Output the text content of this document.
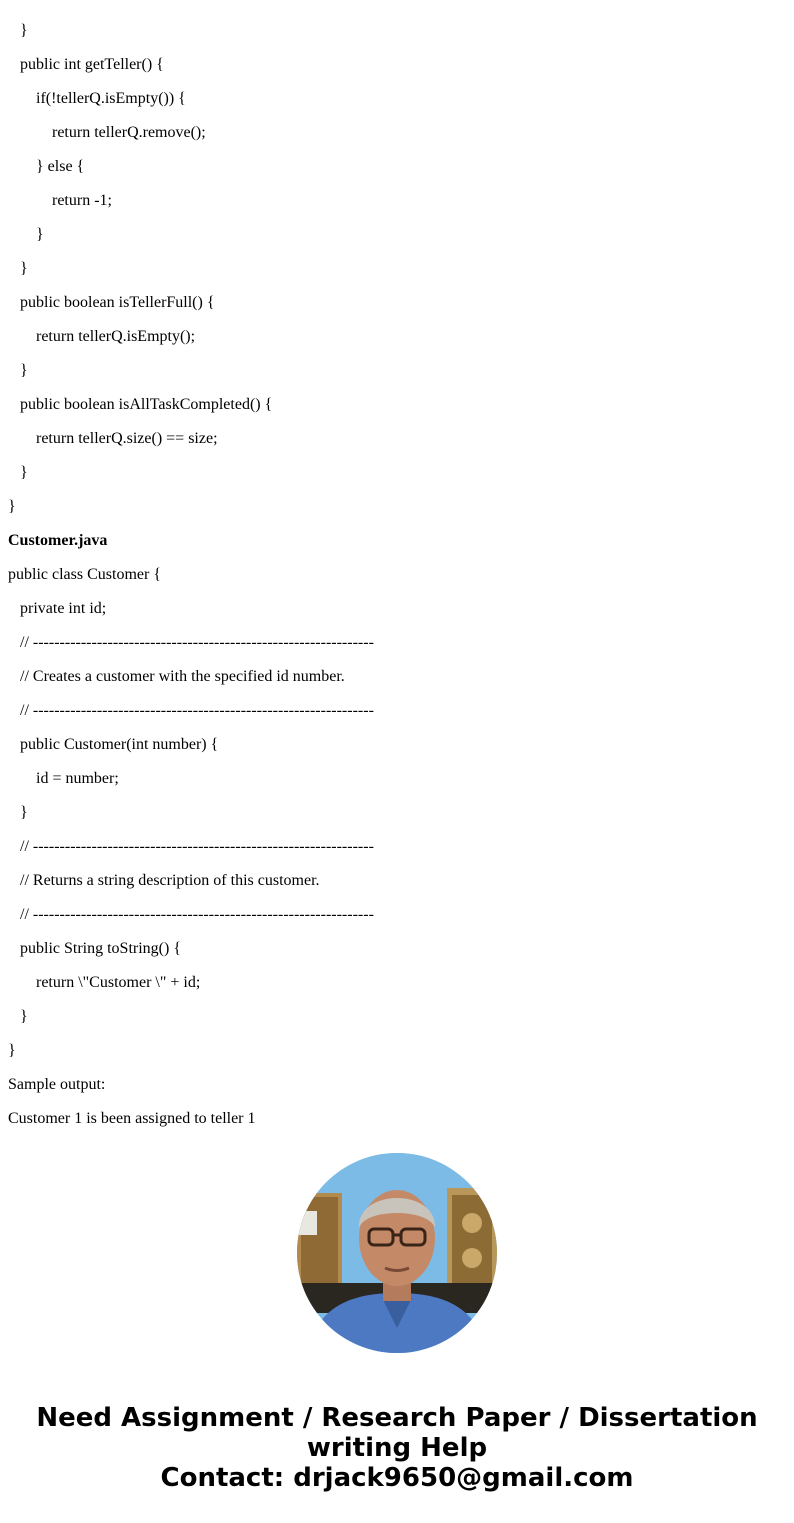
}

public int getTeller() {

if(!tellerQ.isEmpty()) {

return tellerQ.remove();

} else {

return -1;

}

}

public boolean isTellerFull() {

return tellerQ.isEmpty();

}

public boolean isAllTaskCompleted() {

return tellerQ.size() == size;

}

}

Customer.java

public class Customer {

private int id;

// ----------------------------------------------------------------

// Creates a customer with the specified id number.

// ----------------------------------------------------------------

public Customer(int number) {

id = number;

}

// ----------------------------------------------------------------

// Returns a string description of this customer.

// ----------------------------------------------------------------

public String toString() {

return \"Customer \" + id;

}

}

Sample output:

Customer 1 is been assigned to teller 1

Need Assignment / Research Paper / Dissertation
writing Help
Contact: drjack9650@gmail.com
